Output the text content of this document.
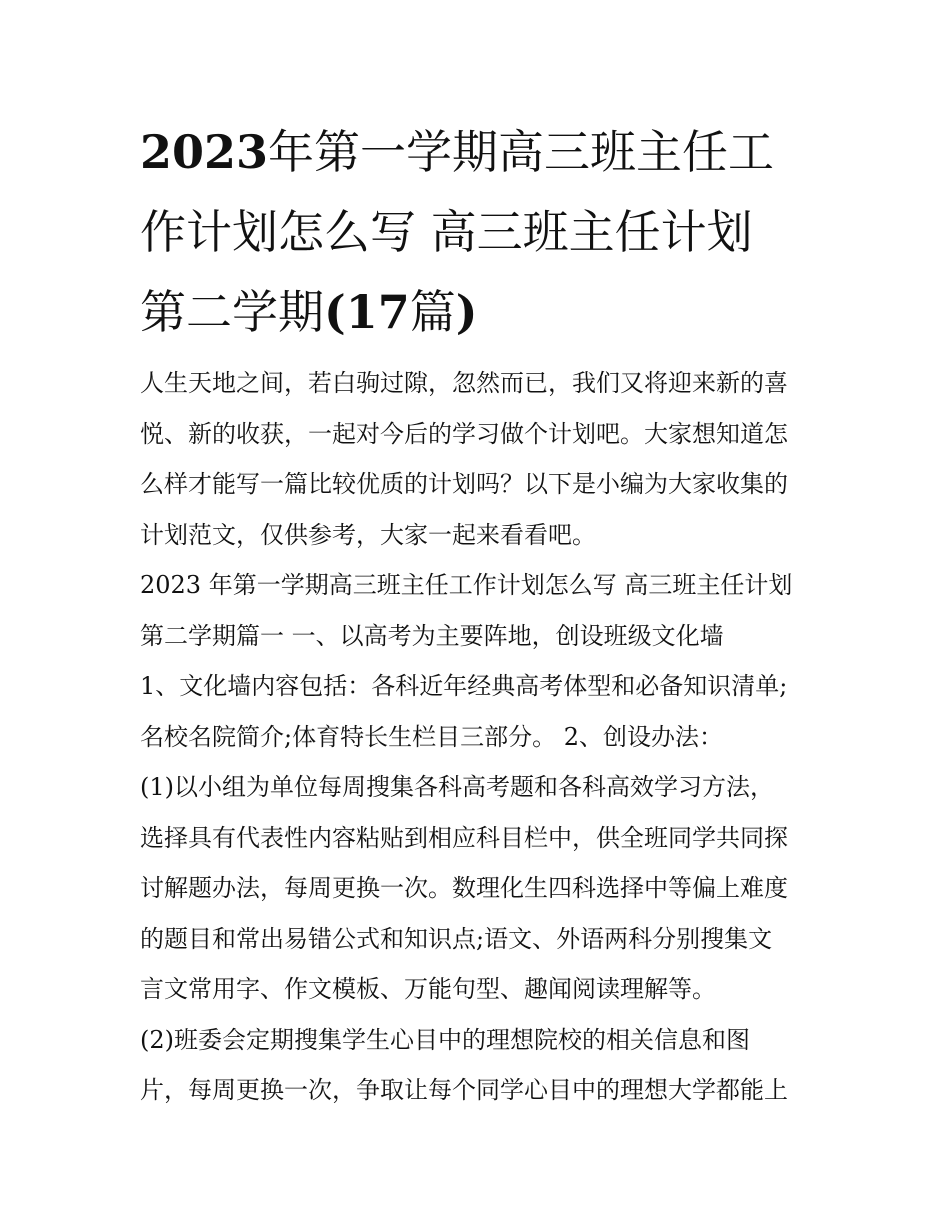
2023年第一学期高三班主任工
作计划怎么写 高三班主任计划
第二学期(17篇)

人生天地之间，若白驹过隙，忽然而已，我们又将迎来新的喜

悦、新的收获，一起对今后的学习做个计划吧。大家想知道怎

么样才能写一篇比较优质的计划吗？以下是小编为大家收集的

计划范文，仅供参考，大家一起来看看吧。

2023 年第一学期高三班主任工作计划怎么写 高三班主任计划

第二学期篇一 一、以高考为主要阵地，创设班级文化墙

1、文化墙内容包括：各科近年经典高考体型和必备知识清单;

名校名院简介;体育特长生栏目三部分。 2、创设办法：

(1)以小组为单位每周搜集各科高考题和各科高效学习方法，

选择具有代表性内容粘贴到相应科目栏中，供全班同学共同探

讨解题办法，每周更换一次。数理化生四科选择中等偏上难度

的题目和常出易错公式和知识点;语文、外语两科分别搜集文

言文常用字、作文模板、万能句型、趣闻阅读理解等。

(2)班委会定期搜集学生心目中的理想院校的相关信息和图

片，每周更换一次，争取让每个同学心目中的理想大学都能上
